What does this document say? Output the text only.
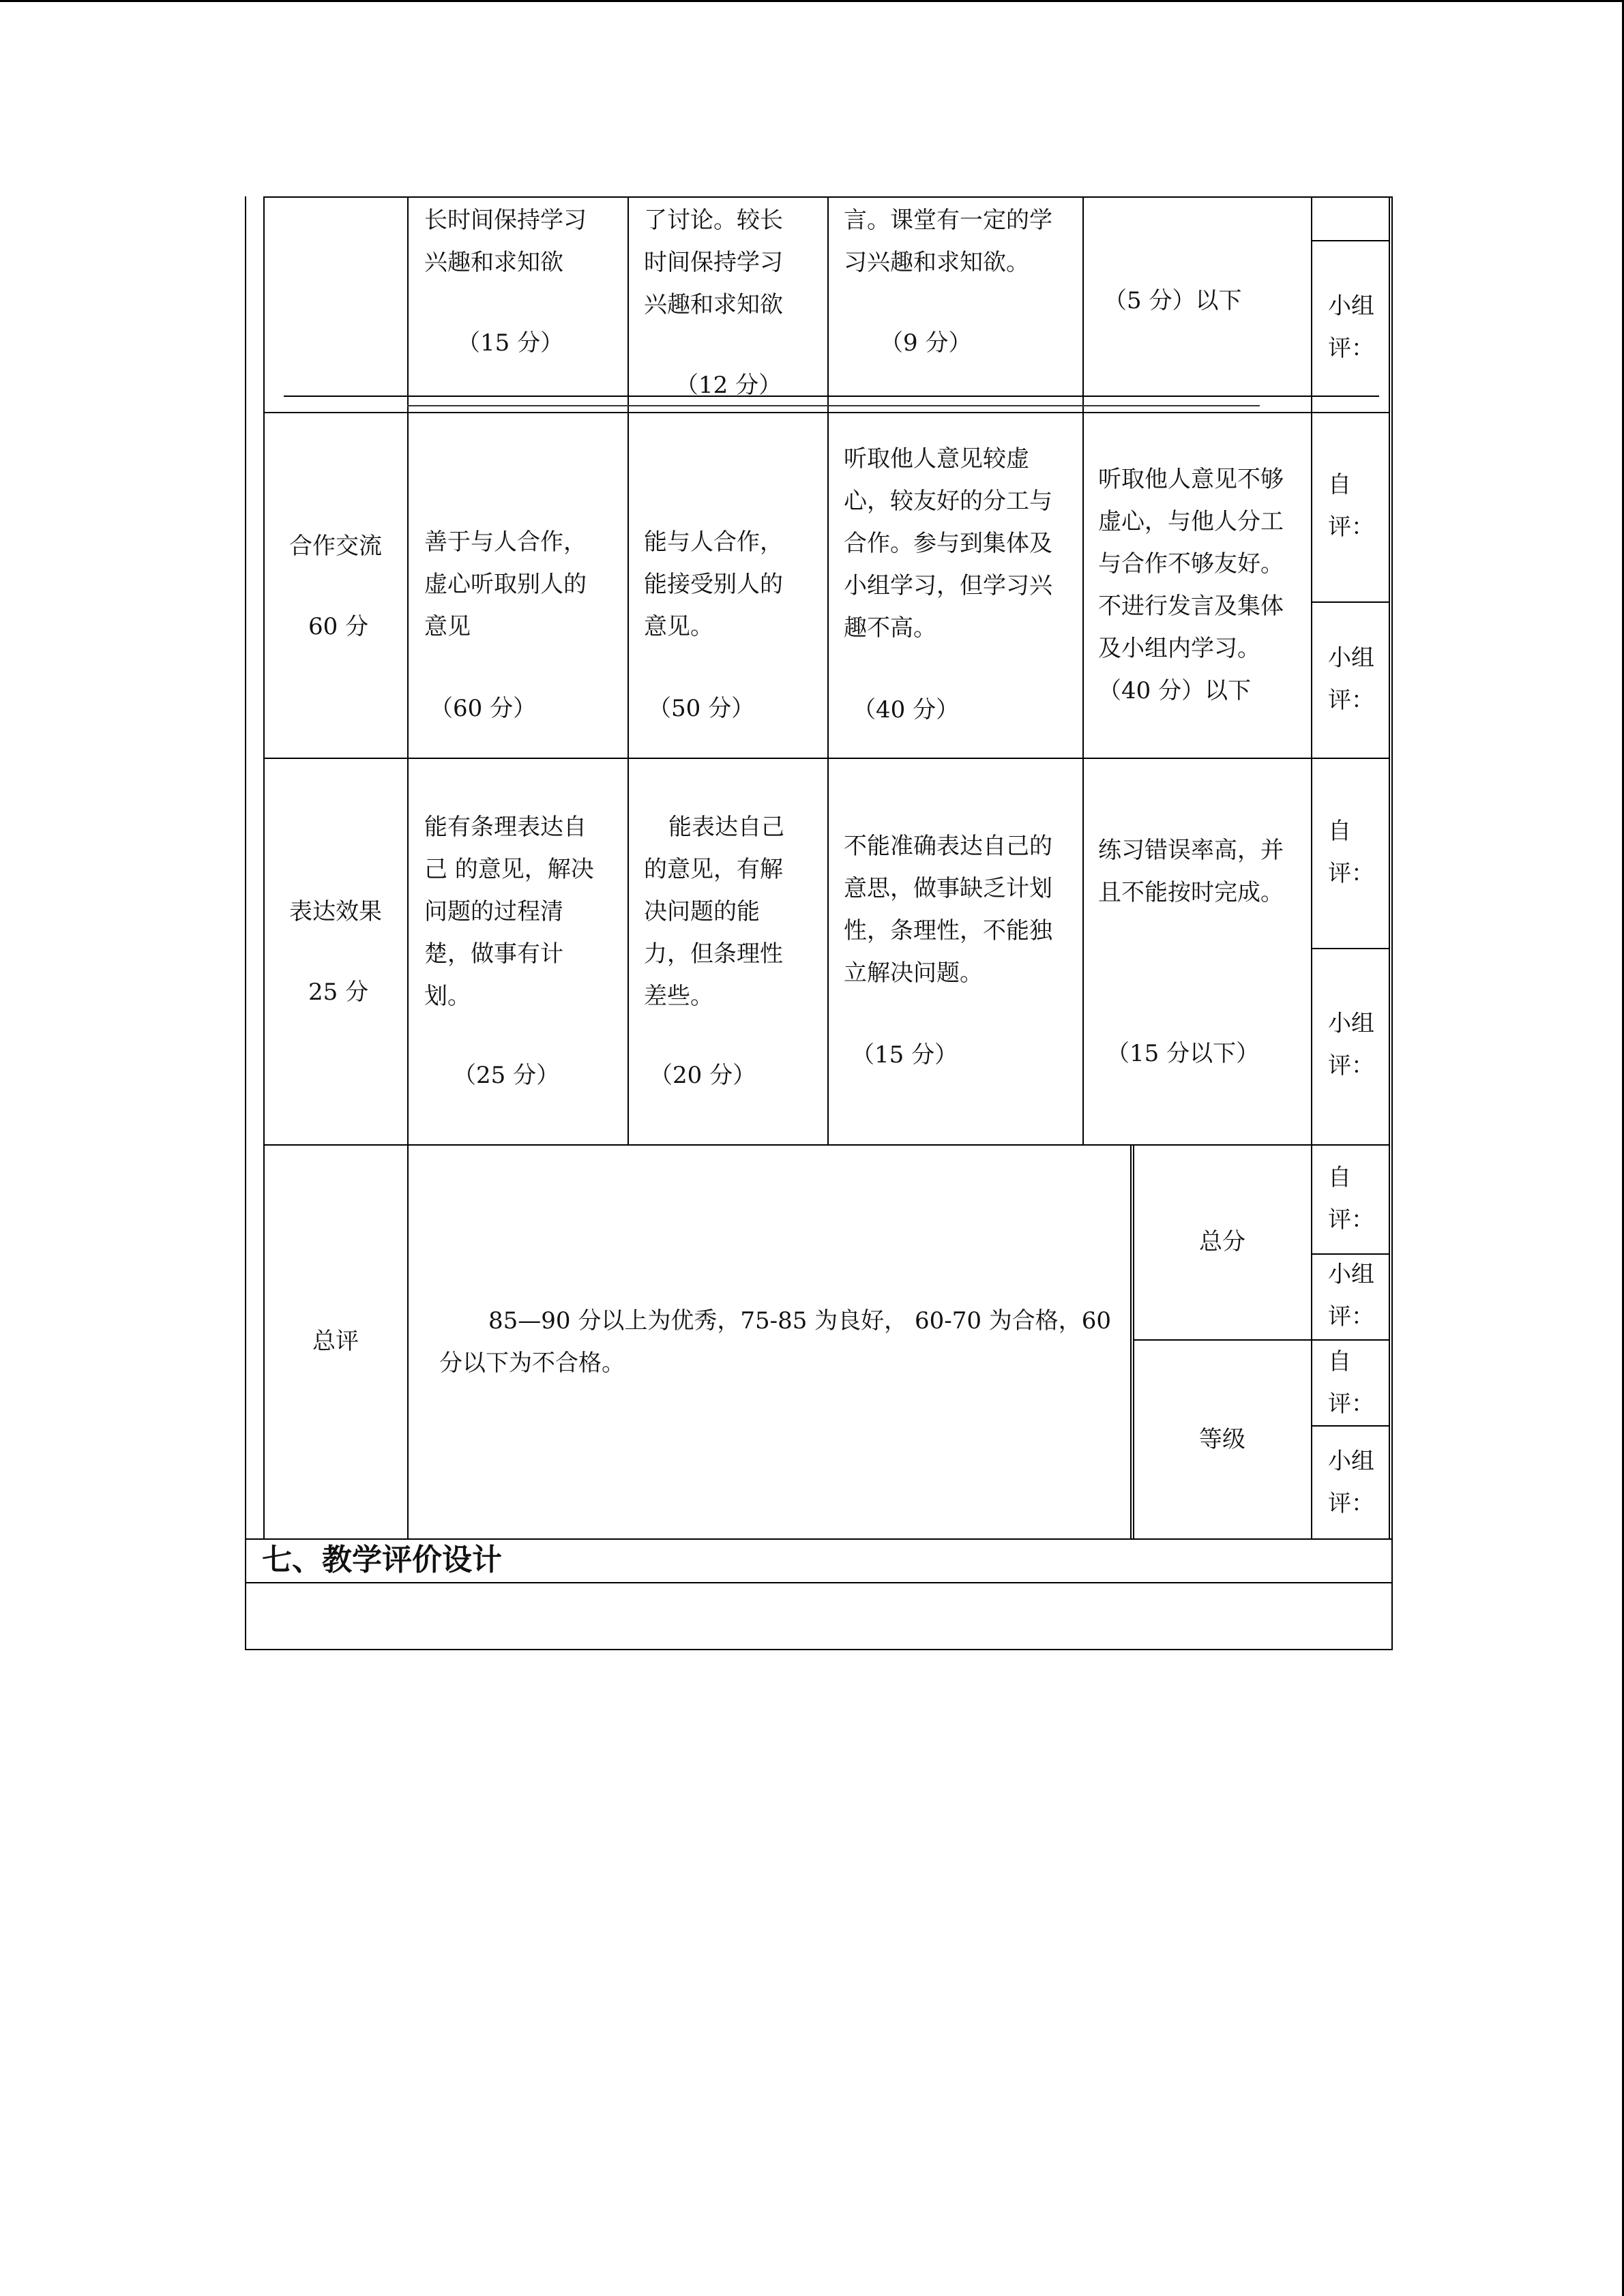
长时间保持学习
兴趣和求知欲
（15 分）
了讨论。较长
时间保持学习
兴趣和求知欲
（12 分）
言。课堂有一定的学
习兴趣和求知欲。
（9 分）
（5 分）以下	小组
评：
合作交流
60 分
善于与人合作，
虚心听取别人的
意见
（60 分）
能与人合作，
能接受别人的
意见。
（50 分）
听取他人意见较虚
心，较友好的分工与
合作。参与到集体及
小组学习，但学习兴
趣不高。
（40 分）
听取他人意见不够
虚心，与他人分工
与合作不够友好。
不进行发言及集体
及小组内学习。
（40 分）以下
自
评：
小组
评：
表达效果
25 分
能有条理表达自
己 的意见，解决
问题的过程清
楚，做事有计
划。
（25 分）
能表达自己
的意见，有解
决问题的能
力，但条理性
差些。
（20 分）
不能准确表达自己的
意思，做事缺乏计划
性，条理性，不能独
立解决问题。
（15 分）
练习错误率高，并
且不能按时完成。
（15 分以下）
自
评：
小组
评：
总评
85—90 分以上为优秀，75-85 为良好， 60-70 为合格，60
分以下为不合格。
总分
等级
自
评：
小组
评：
自
评：
小组
评：
七、教学评价设计
